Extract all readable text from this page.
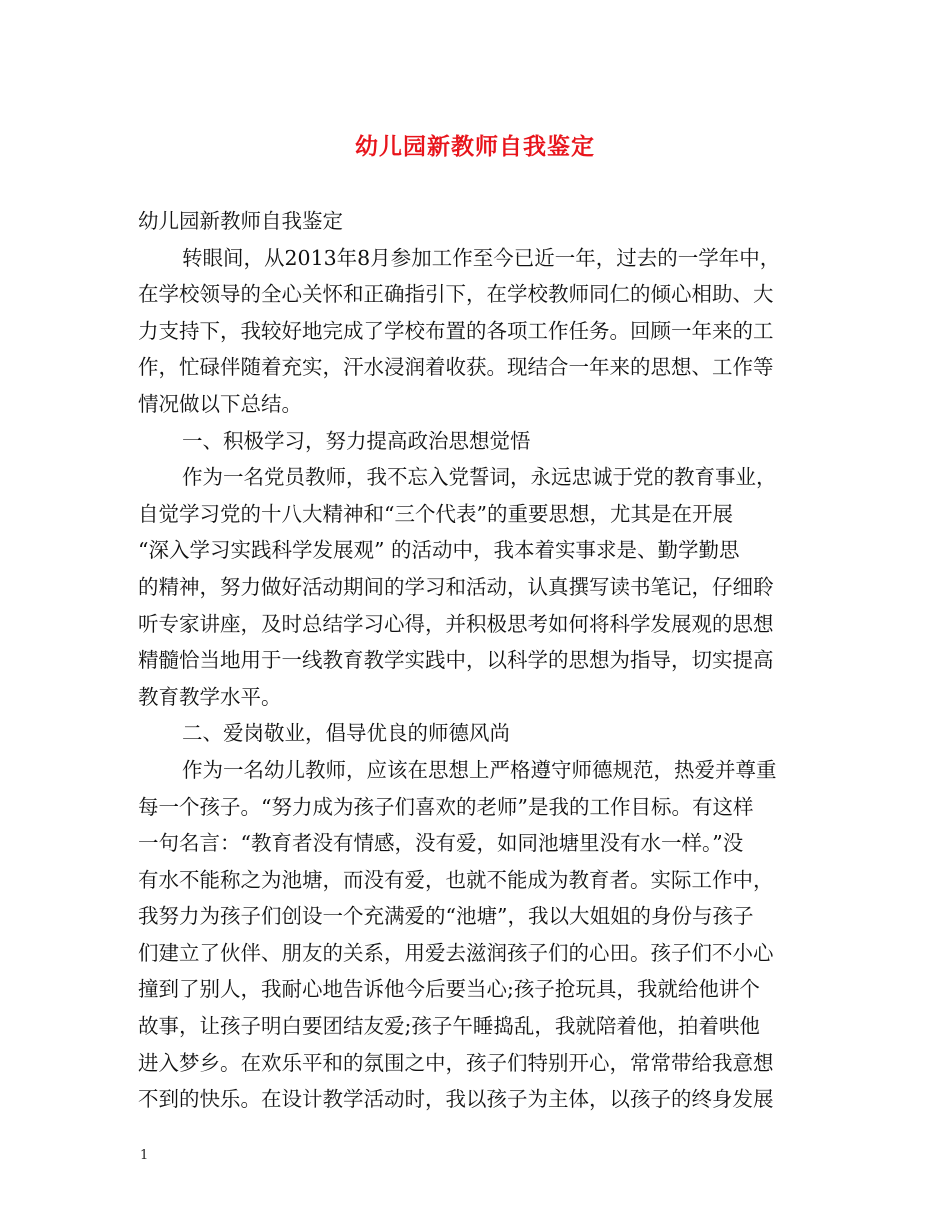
幼儿园新教师自我鉴定
幼儿园新教师自我鉴定
转眼间，从2013年8月参加工作至今已近一年，过去的一学年中，
在学校领导的全心关怀和正确指引下，在学校教师同仁的倾心相助、大
力支持下，我较好地完成了学校布置的各项工作任务。回顾一年来的工
作，忙碌伴随着充实，汗水浸润着收获。现结合一年来的思想、工作等
情况做以下总结。
一、积极学习，努力提高政治思想觉悟
作为一名党员教师，我不忘入党誓词，永远忠诚于党的教育事业，
自觉学习党的十八大精神和“三个代表”的重要思想，尤其是在开展
“深入学习实践科学发展观” 的活动中，我本着实事求是、勤学勤思
的精神，努力做好活动期间的学习和活动，认真撰写读书笔记，仔细聆
听专家讲座，及时总结学习心得，并积极思考如何将科学发展观的思想
精髓恰当地用于一线教育教学实践中，以科学的思想为指导，切实提高
教育教学水平。
二、爱岗敬业，倡导优良的师德风尚
作为一名幼儿教师，应该在思想上严格遵守师德规范，热爱并尊重
每一个孩子。“努力成为孩子们喜欢的老师”是我的工作目标。有这样
一句名言：“教育者没有情感，没有爱，如同池塘里没有水一样。”没
有水不能称之为池塘，而没有爱，也就不能成为教育者。实际工作中，
我努力为孩子们创设一个充满爱的“池塘”，我以大姐姐的身份与孩子
们建立了伙伴、朋友的关系，用爱去滋润孩子们的心田。孩子们不小心
撞到了别人，我耐心地告诉他今后要当心;孩子抢玩具，我就给他讲个
故事，让孩子明白要团结友爱;孩子午睡捣乱，我就陪着他，拍着哄他
进入梦乡。在欢乐平和的氛围之中，孩子们特别开心，常常带给我意想
不到的快乐。在设计教学活动时，我以孩子为主体，以孩子的终身发展
1
